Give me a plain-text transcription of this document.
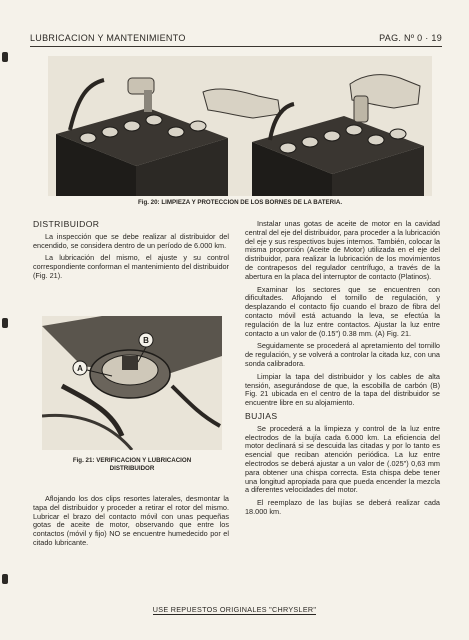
LUBRICACION Y MANTENIMIENTO	PAG. Nº 0 · 19
Fig. 20: LIMPIEZA Y PROTECCION DE LOS BORNES DE LA BATERIA.
DISTRIBUIDOR

La inspección que se debe realizar al distribuidor del encendido, se considera dentro de un período de 6.000 km.

La lubricación del mismo, el ajuste y su control correspondiente conforman el mantenimiento del distribuidor (Fig. 21).

A
B
Fig. 21: VERIFICACION Y LUBRICACION
DISTRIBUIDOR

Aflojando los dos clips resortes laterales, desmontar la tapa del distribuidor y proceder a retirar el rotor del mismo. Lubricar el brazo del contacto móvil con unas pequeñas gotas de aceite de motor, observando que entre los contactos (móvil y fijo) NO se encuentre humedecido por el citado lubricante.

Instalar unas gotas de aceite de motor en la cavidad central del eje del distribuidor, para proceder a la lubricación del eje y sus respectivos bujes internos. También, colocar la misma proporción (Aceite de Motor) utilizada en el eje del distribuidor, para realizar la lubricación de los movimientos de contrapesos del regulador centrífugo, a través de la abertura en la placa del interruptor de contacto (Platinos).

Examinar los sectores que se encuentren con dificultades. Aflojando el tornillo de regulación, y desplazando el contacto fijo cuando el brazo de fibra del contacto móvil está actuando la leva, se efectúa la regulación de la luz entre contactos. Ajustar la luz entre contacto a un valor de (0.15") 0.38 mm. (A) Fig. 21.

Seguidamente se procederá al apretamiento del tornillo de regulación, y se volverá a controlar la citada luz, con una sonda calibradora.

Limpiar la tapa del distribuidor y los cables de alta tensión, asegurándose de que, la escobilla de carbón (B) Fig. 21 ubicada en el centro de la tapa del distribuidor se encuentre libre en su alojamiento.

BUJIAS

Se procederá a la limpieza y control de la luz entre electrodos de la bujía cada 6.000 km. La eficiencia del motor declinará si se descuida las citadas y por lo tanto es esencial que reciban atención periódica. La luz entre electrodos se deberá ajustar a un valor de (.025") 0,63 mm para obtener una chispa correcta. Esta chispa debe tener una longitud apropiada para que pueda encender la mezcla a diferentes velocidades del motor.

El reemplazo de las bujías se deberá realizar cada 18.000 km.

USE REPUESTOS ORIGINALES "CHRYSLER"
